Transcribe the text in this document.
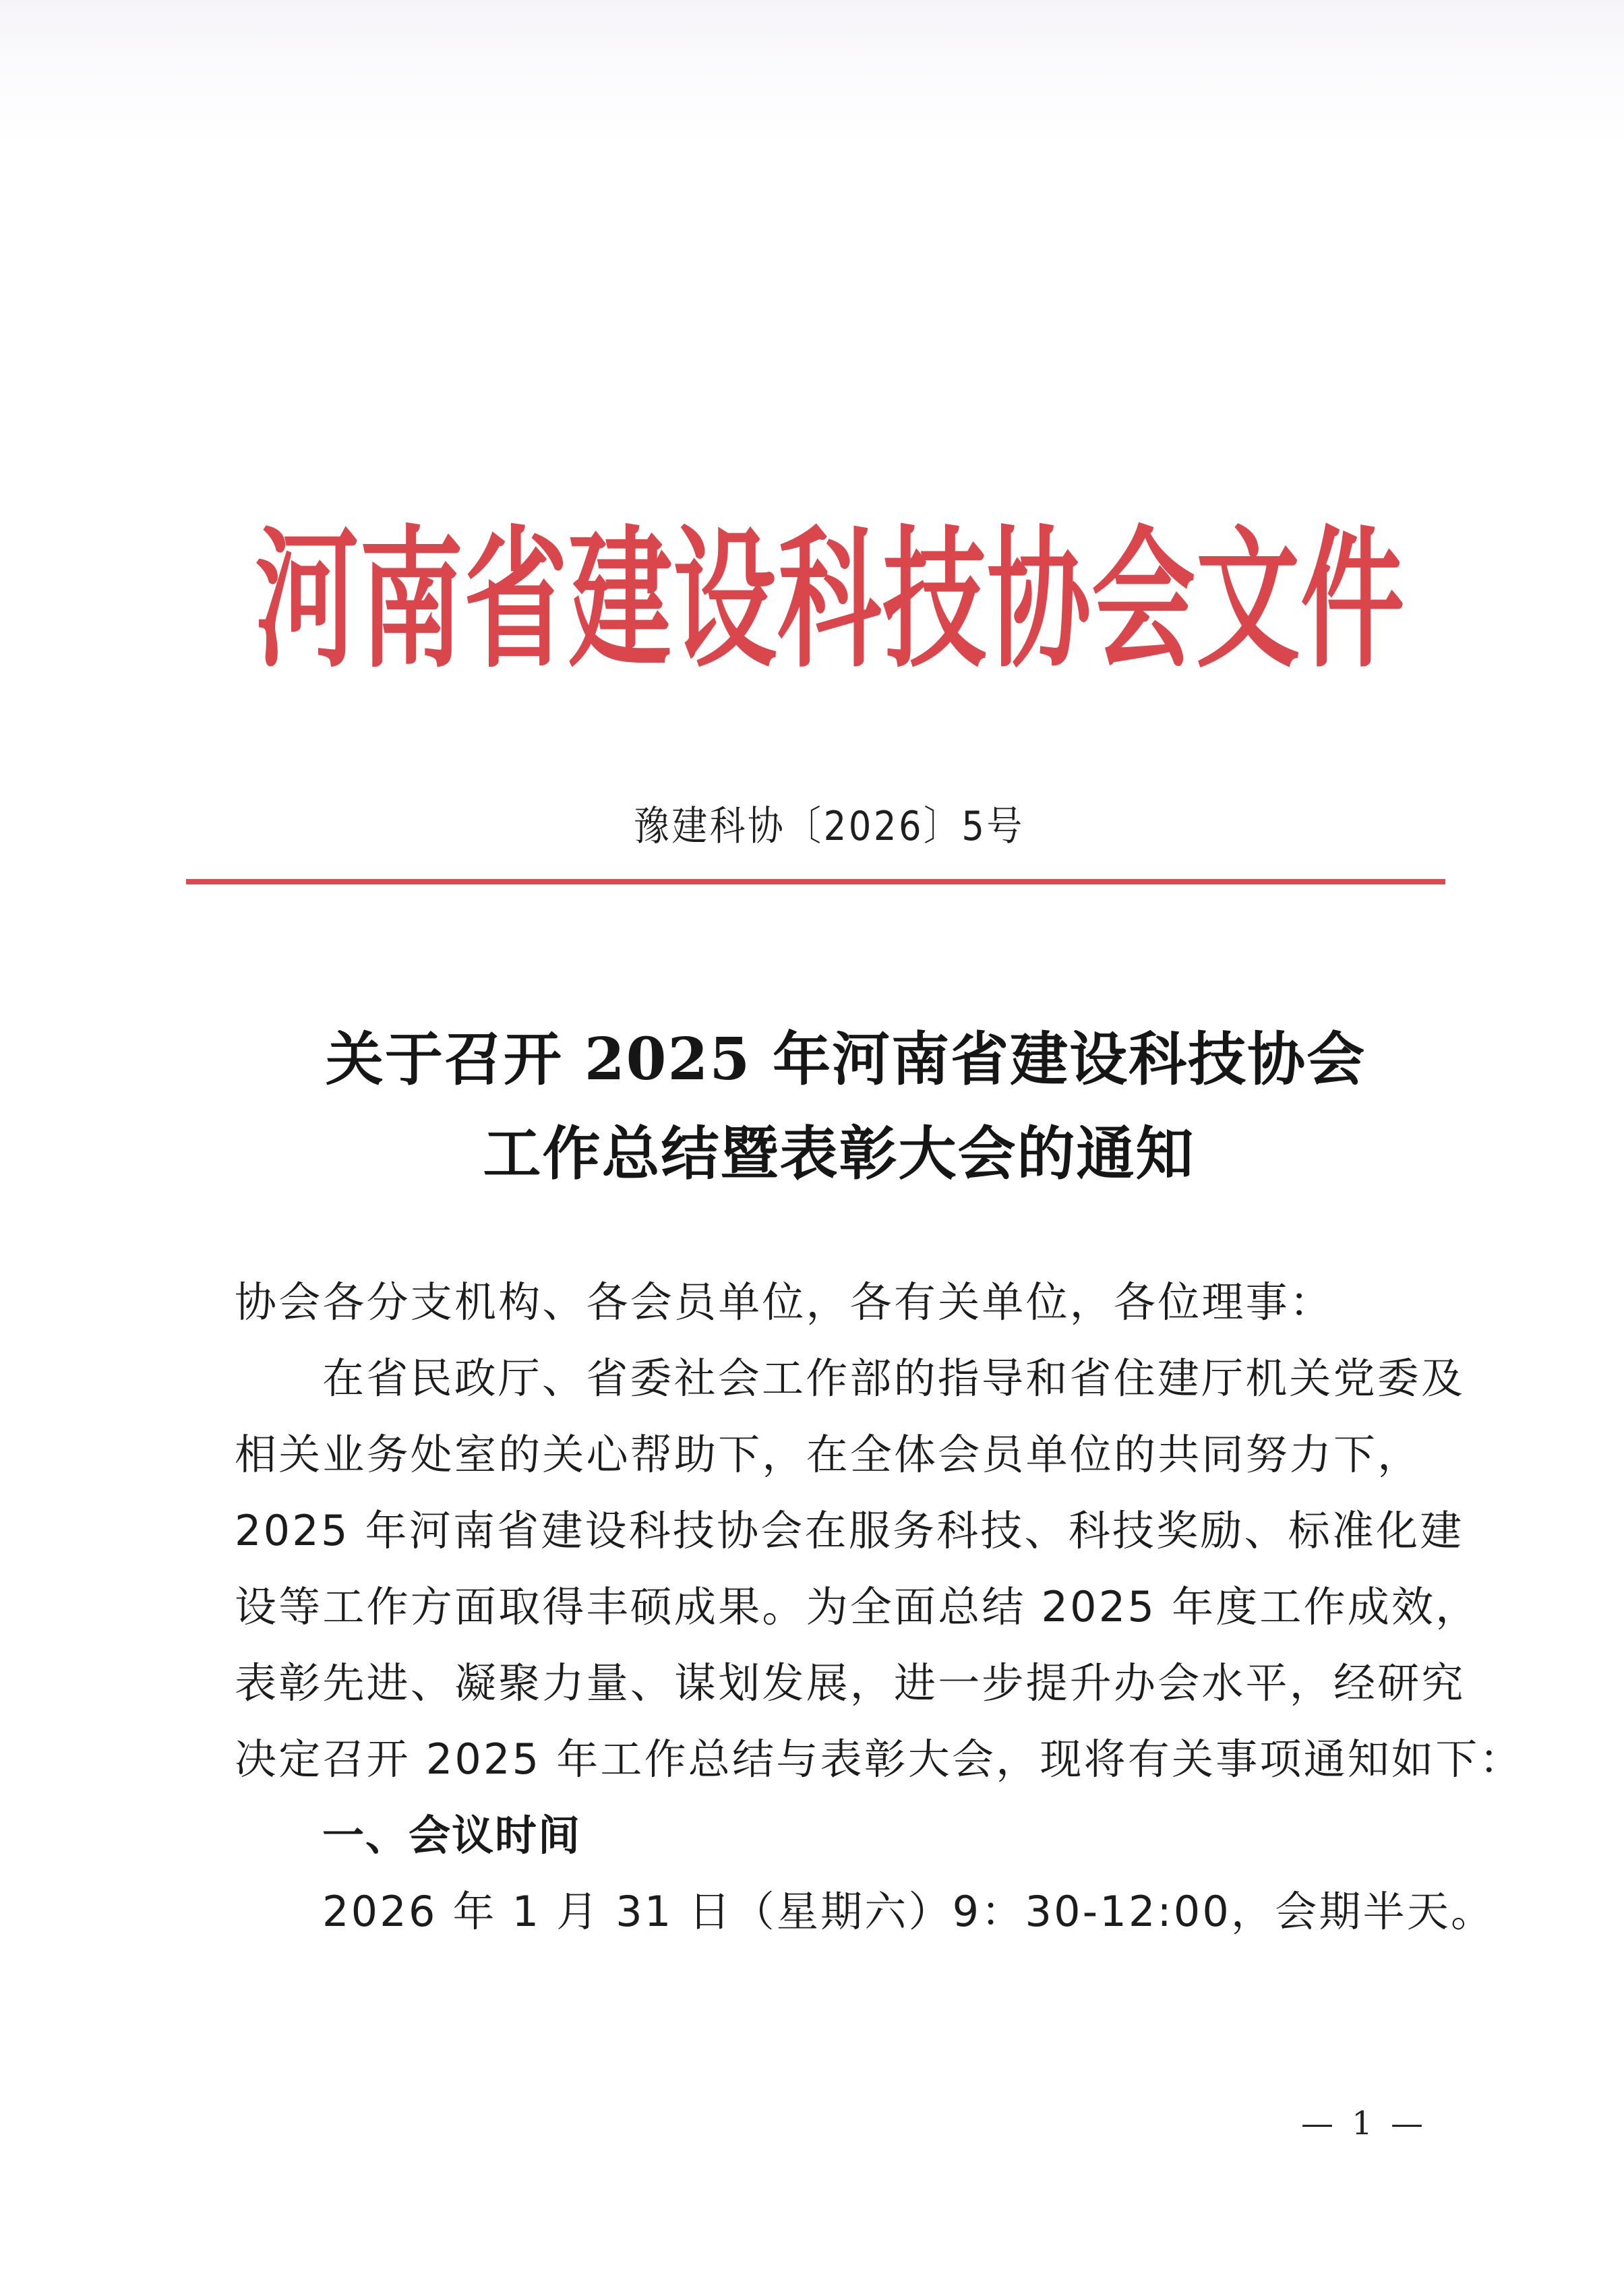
河 南 省 建 设 科 技 协 会 文 件
豫建科协〔2026〕5号
关于召开 2025 年河南省建设科技协会
工作总结暨表彰大会的通知
协会各分支机构、各会员单位，各有关单位，各位理事：
在省民政厅、省委社会工作部的指导和省住建厅机关党委及
相关业务处室的关心帮助下，在全体会员单位的共同努力下，
2025 年河南省建设科技协会在服务科技、科技奖励、标准化建
设等工作方面取得丰硕成果。为全面总结 2025 年度工作成效，
表彰先进、凝聚力量、谋划发展，进一步提升办会水平，经研究
决定召开 2025 年工作总结与表彰大会，现将有关事项通知如下：
一、会议时间
2026 年 1 月 31 日（星期六）9：30-12:00，会期半天。
— 1 —
